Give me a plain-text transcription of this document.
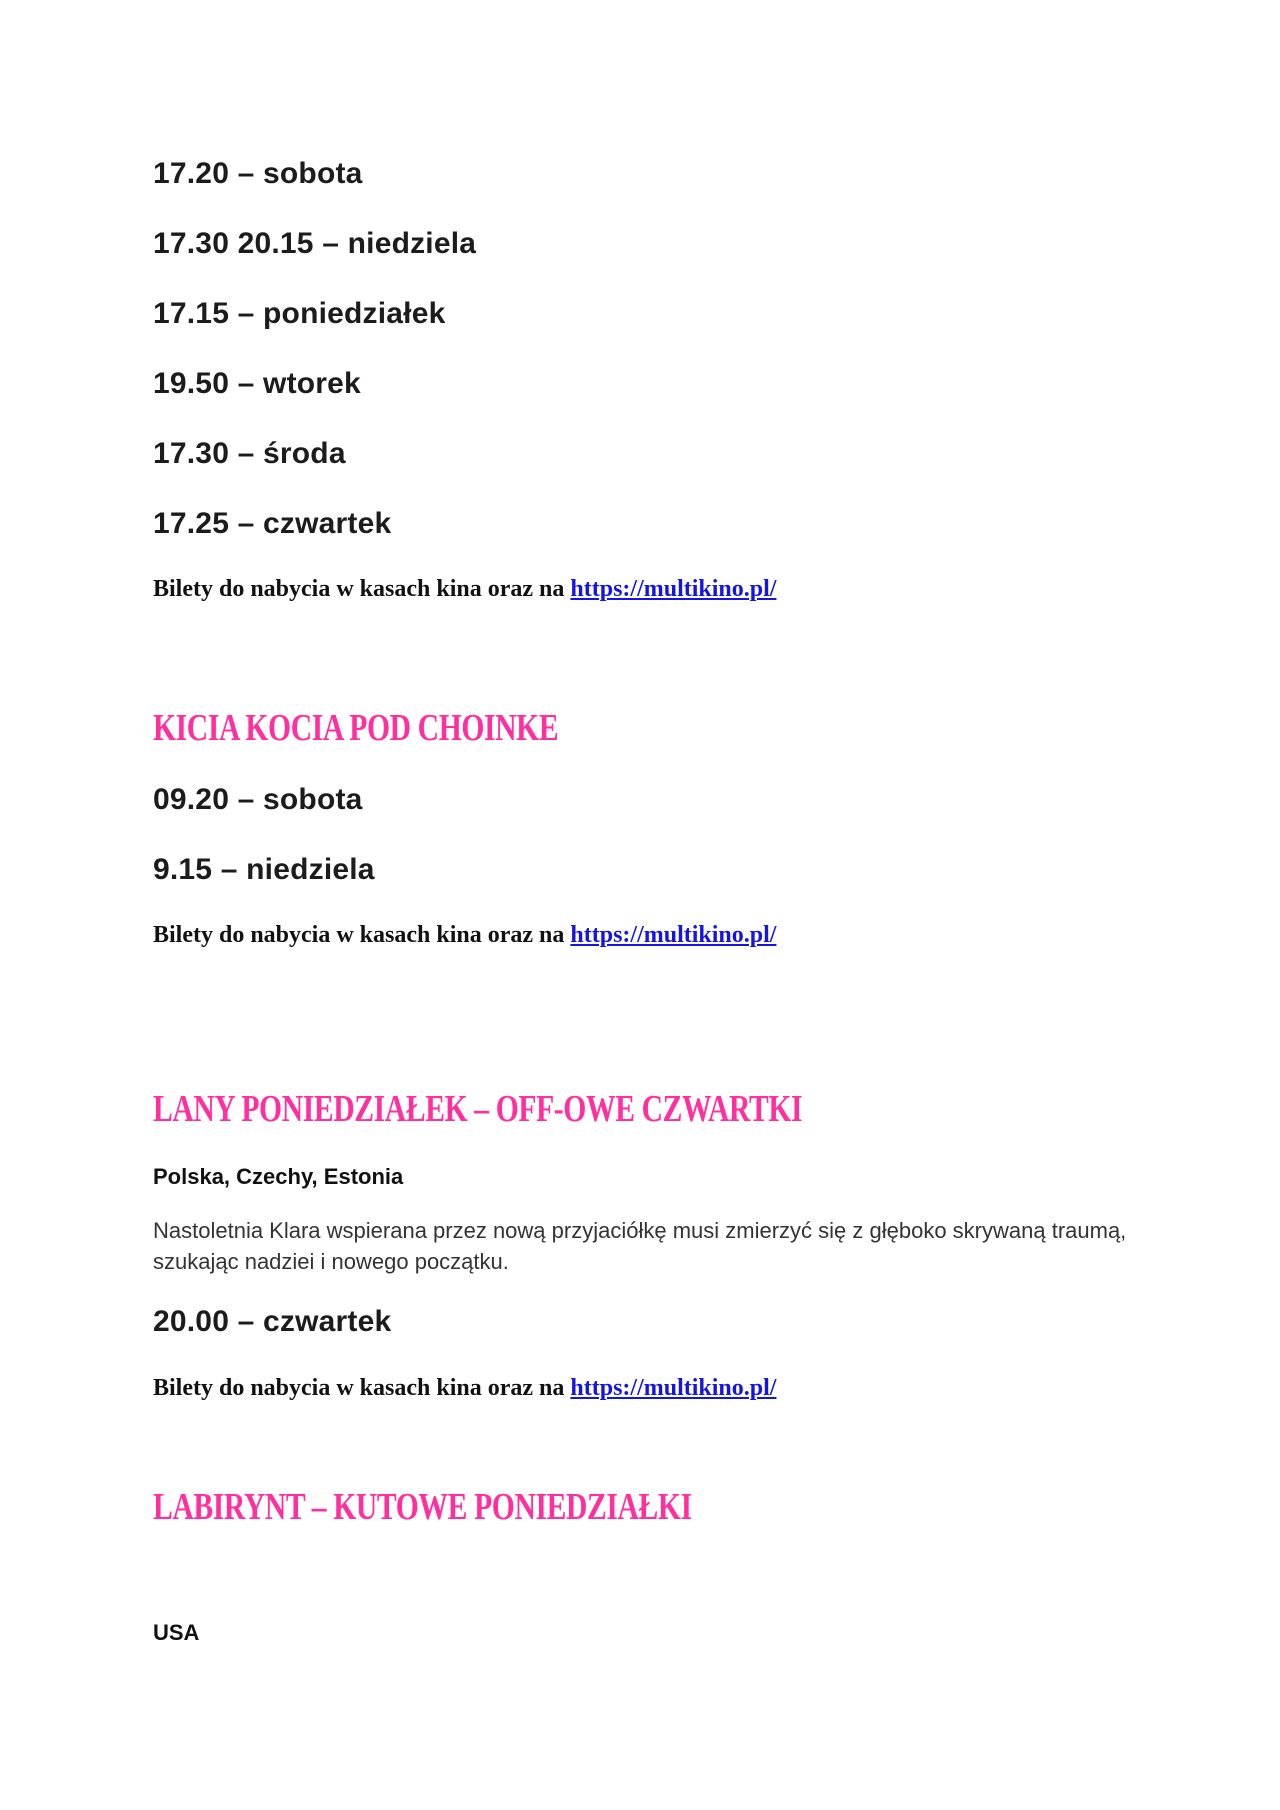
17.20 – sobota
17.30 20.15 – niedziela
17.15 – poniedziałek
19.50 – wtorek
17.30 – środa
17.25 – czwartek
Bilety do nabycia w kasach kina oraz na https://multikino.pl/
KICIA KOCIA POD CHOINKE
09.20 – sobota
9.15 – niedziela
Bilety do nabycia w kasach kina oraz na https://multikino.pl/
LANY PONIEDZIAŁEK – OFF-OWE CZWARTKI
Polska, Czechy, Estonia
Nastoletnia Klara wspierana przez nową przyjaciółkę musi zmierzyć się z głęboko skrywaną traumą, szukając nadziei i nowego początku.
20.00 – czwartek
Bilety do nabycia w kasach kina oraz na https://multikino.pl/
LABIRYNT – KUTOWE PONIEDZIAŁKI
USA
